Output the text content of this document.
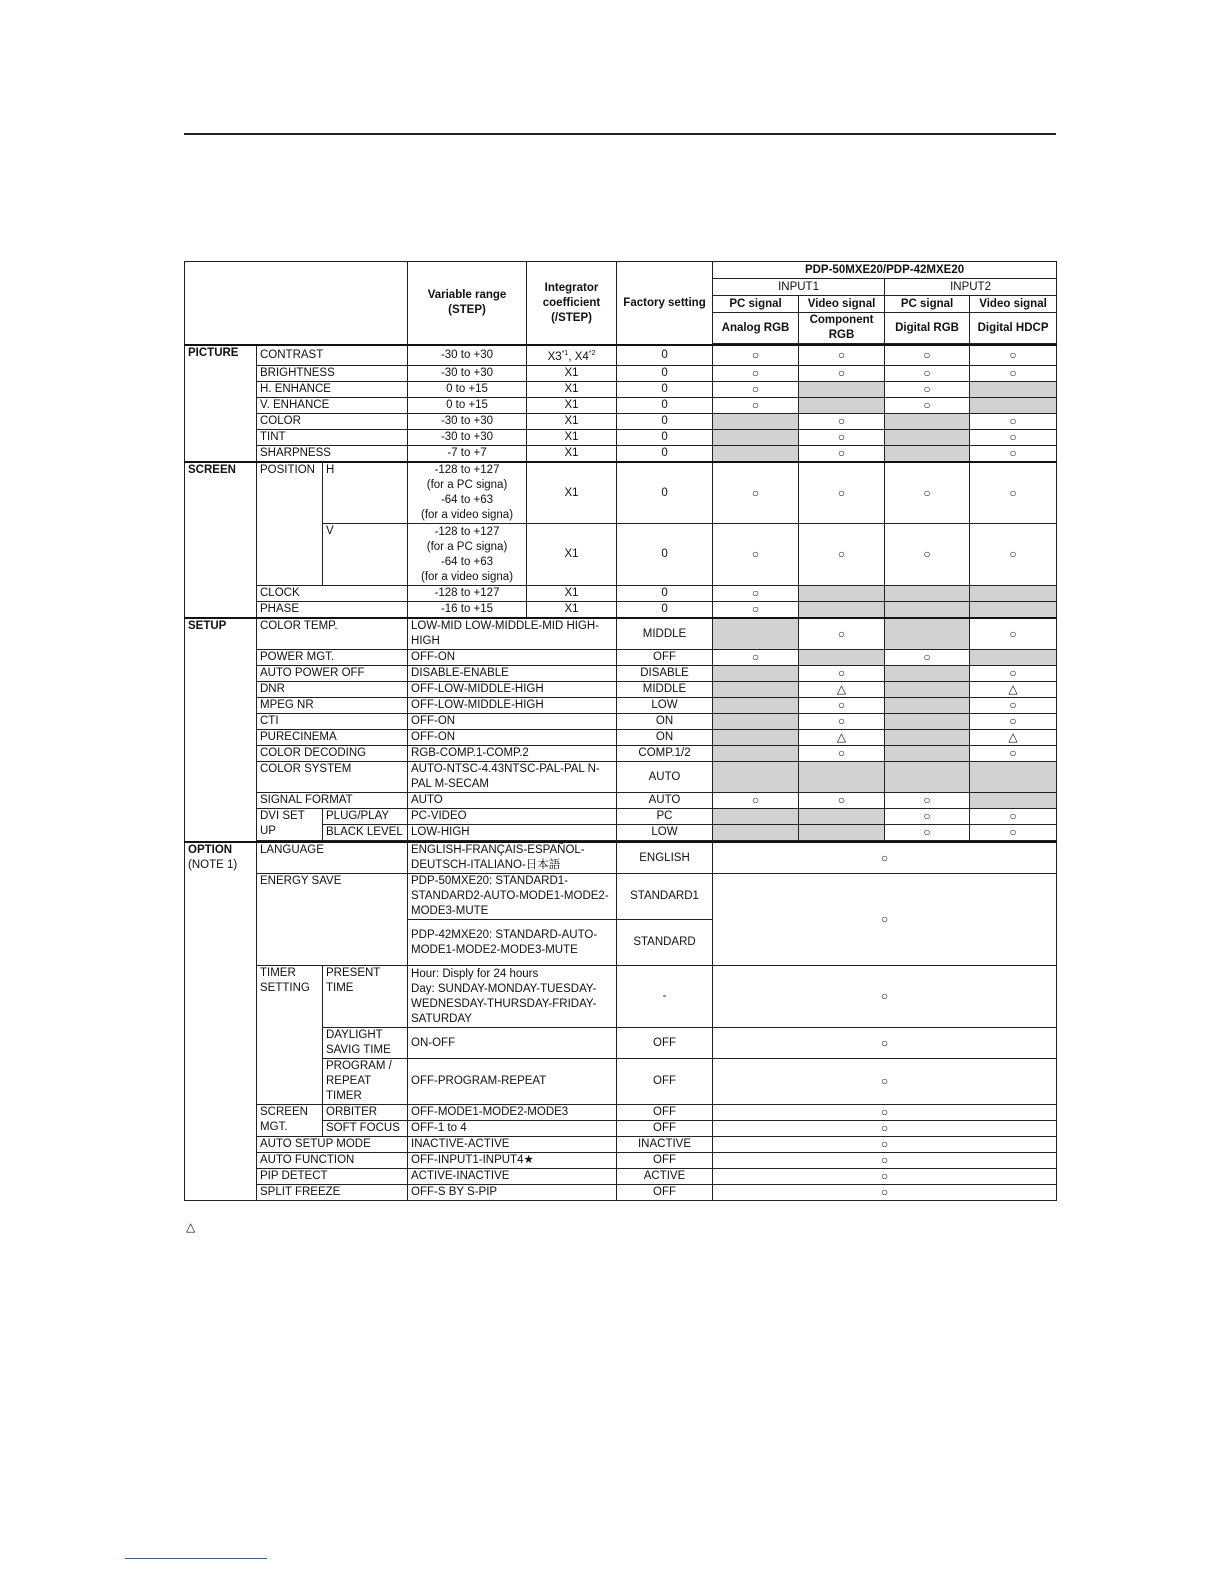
			Variable range (STEP)	Integrator coefficient (/STEP)	Factory setting	PDP-50MXE20/PDP-42MXE20			
						INPUT1		INPUT2	
						PC signal	Video signal	PC signal	Video signal
						Analog RGB	Component RGB	Digital RGB	Digital HDCP

PICTURE	CONTRAST		-30 to +30	X3$^{*1}$, X4$^{*2}$	0	○	○	○	○
	BRIGHTNESS		-30 to +30	X1	0	○	○	○	○
	H. ENHANCE		0 to +15	X1	0	○		○	
	V. ENHANCE		0 to +15	X1	0	○		○	
	COLOR		-30 to +30	X1	0		○		○
	TINT		-30 to +30	X1	0		○		○
	SHARPNESS		-7 to +7	X1	0		○		○
SCREEN	POSITION	H	-128 to +127
(for a PC signa)
-64 to +63
(for a video signa)	X1	0	○	○	○	○
		V	-128 to +127
(for a PC signa)
-64 to +63
(for a video signa)	X1	0	○	○	○	○
	CLOCK		-128 to +127	X1	0	○			
	PHASE		-16 to +15	X1	0	○			
SETUP	COLOR TEMP.		LOW-MID LOW-MIDDLE-MID HIGH-HIGH		MIDDLE		○		○
	POWER MGT.		OFF-ON		OFF	○		○	
	AUTO POWER OFF		DISABLE-ENABLE		DISABLE		○		○
	DNR		OFF-LOW-MIDDLE-HIGH		MIDDLE		△		△
	MPEG NR		OFF-LOW-MIDDLE-HIGH		LOW		○		○
	CTI		OFF-ON		ON		○		○
	PURECINEMA		OFF-ON		ON		△		△
	COLOR DECODING		RGB-COMP.1-COMP.2		COMP.1/2		○		○
	COLOR SYSTEM		AUTO-NTSC-4.43NTSC-PAL-PAL N-PAL M-SECAM		AUTO				
	SIGNAL FORMAT		AUTO		AUTO	○	○	○	
	DVI SET UP	PLUG/PLAY	PC-VIDEO		PC			○	○
		BLACK LEVEL	LOW-HIGH		LOW			○	○

OPTION
(NOTE 1)	LANGUAGE		ENGLISH-FRANÇAIS-ESPAÑOL-DEUTSCH-ITALIANO-日本語		ENGLISH	○			
	ENERGY SAVE		PDP-50MXE20: STANDARD1-STANDARD2-AUTO-MODE1-MODE2-MODE3-MUTE		STANDARD1	○			
			PDP-42MXE20: STANDARD-AUTO-MODE1-MODE2-MODE3-MUTE		STANDARD				
	TIMER SETTING	PRESENT TIME	Hour: Disply for 24 hours
Day: SUNDAY-MONDAY-TUESDAY-WEDNESDAY-THURSDAY-FRIDAY-SATURDAY		-	○			
		DAYLIGHT SAVIG TIME	ON-OFF		OFF	○			
		PROGRAM / REPEAT TIMER	OFF-PROGRAM-REPEAT		OFF	○			
	SCREEN MGT.	ORBITER	OFF-MODE1-MODE2-MODE3		OFF	○			
		SOFT FOCUS	OFF-1 to 4		OFF	○			
	AUTO SETUP MODE		INACTIVE-ACTIVE		INACTIVE	○			
	AUTO FUNCTION		OFF-INPUT1-INPUT4★		OFF	○			
	PIP DETECT		ACTIVE-INACTIVE		ACTIVE	○			
	SPLIT FREEZE		OFF-S BY S-PIP		OFF	○			
△
